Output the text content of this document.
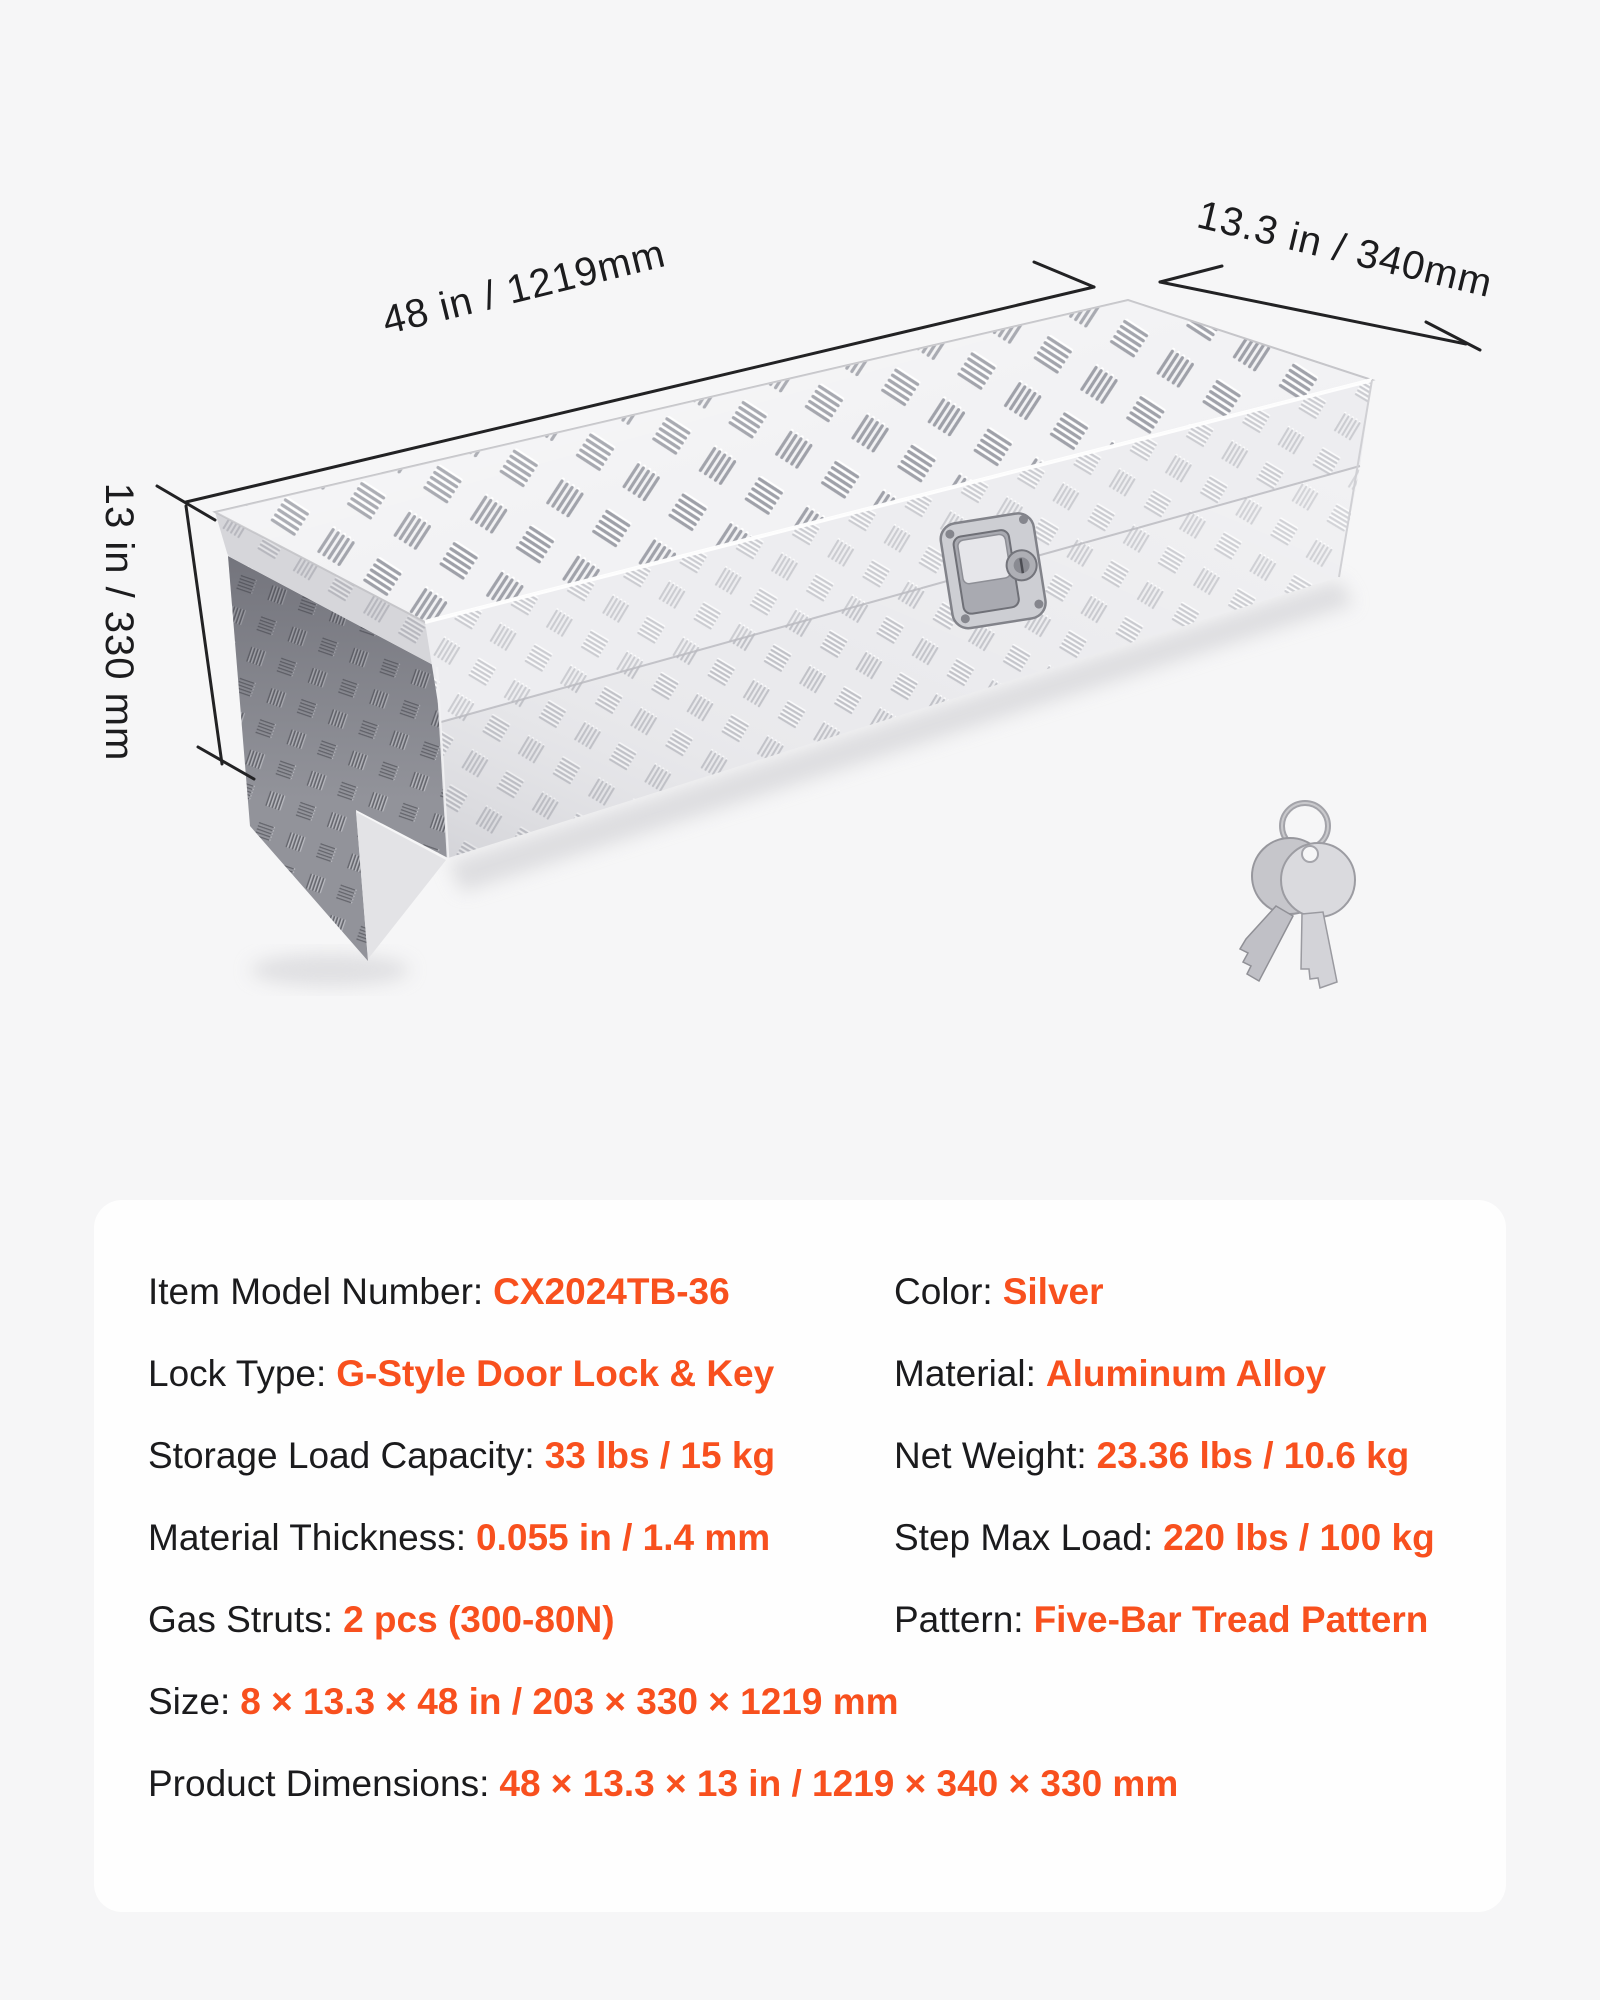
48 in / 1219mm	13.3 in / 340mm
13 in / 330 mm
Item Model Number: CX2024TB-36	Color: Silver
Lock Type: G-Style Door Lock & Key	Material: Aluminum Alloy
Storage Load Capacity: 33 lbs / 15 kg	Net Weight: 23.36 lbs / 10.6 kg
Material Thickness: 0.055 in / 1.4 mm	Step Max Load: 220 lbs / 100 kg
Gas Struts: 2 pcs (300-80N)	Pattern: Five-Bar Tread Pattern
Size: 8 × 13.3 × 48 in / 203 × 330 × 1219 mm
Product Dimensions: 48 × 13.3 × 13 in / 1219 × 340 × 330 mm
